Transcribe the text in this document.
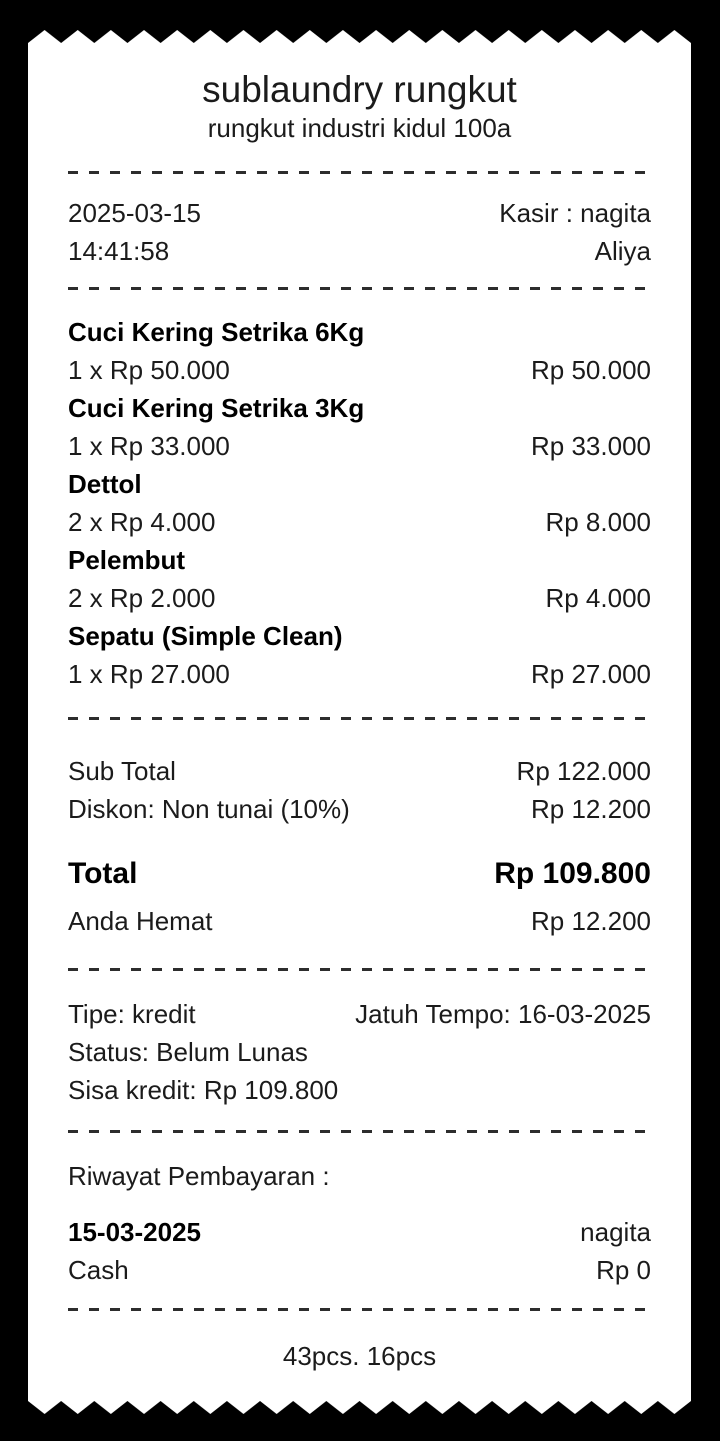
sublaundry rungkut
rungkut industri kidul 100a
2025-03-15	Kasir : nagita
14:41:58	Aliya
Cuci Kering Setrika 6Kg
1 x Rp 50.000	Rp 50.000
Cuci Kering Setrika 3Kg
1 x Rp 33.000	Rp 33.000
Dettol
2 x Rp 4.000	Rp 8.000
Pelembut
2 x Rp 2.000	Rp 4.000
Sepatu (Simple Clean)
1 x Rp 27.000	Rp 27.000
Sub Total	Rp 122.000
Diskon: Non tunai (10%)	Rp 12.200
Total	Rp 109.800
Anda Hemat	Rp 12.200
Tipe: kredit	Jatuh Tempo: 16-03-2025
Status: Belum Lunas
Sisa kredit: Rp 109.800
Riwayat Pembayaran :
15-03-2025	nagita
Cash	Rp 0
43pcs. 16pcs
